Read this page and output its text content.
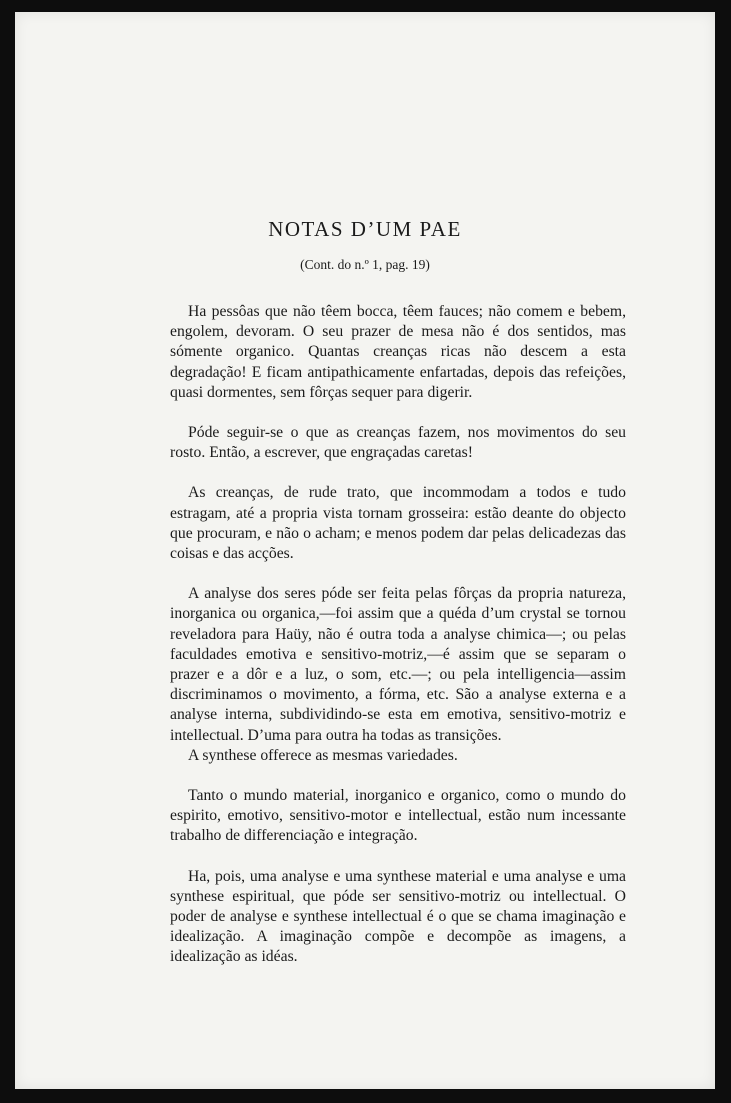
NOTAS D’UM PAE
(Cont. do n.º 1, pag. 19)

Ha pessôas que não têem bocca, têem fauces; não comem e bebem, engolem, devoram. O seu prazer de mesa não é dos sentidos, mas sómente organico. Quantas creanças ricas não descem a esta degradação! E ficam antipathicamente enfartadas, depois das refeições, quasi dormentes, sem fôrças sequer para digerir.

Póde seguir-se o que as creanças fazem, nos movimentos do seu rosto. Então, a escrever, que engraçadas caretas!

As creanças, de rude trato, que incommodam a todos e tudo estragam, até a propria vista tornam grosseira: estão deante do objecto que procuram, e não o acham; e menos podem dar pelas delicadezas das coisas e das acções.

A analyse dos seres póde ser feita pelas fôrças da propria natureza, inorganica ou organica,—foi assim que a quéda d’um crystal se tornou reveladora para Haüy, não é outra toda a analyse chimica—; ou pelas faculdades emotiva e sensitivo-motriz,—é assim que se separam o prazer e a dôr e a luz, o som, etc.—; ou pela intelligencia—assim discriminamos o movimento, a fórma, etc. São a analyse externa e a analyse interna, subdividindo-se esta em emotiva, sensitivo-motriz e intellectual. D’uma para outra ha todas as transições.

A synthese offerece as mesmas variedades.

Tanto o mundo material, inorganico e organico, como o mundo do espirito, emotivo, sensitivo-motor e intellectual, estão num incessante trabalho de differenciação e integração.

Ha, pois, uma analyse e uma synthese material e uma analyse e uma synthese espiritual, que póde ser sensitivo-motriz ou intellectual. O poder de analyse e synthese intellectual é o que se chama imaginação e idealização. A imaginação compõe e decompõe as imagens, a idealização as idéas.
